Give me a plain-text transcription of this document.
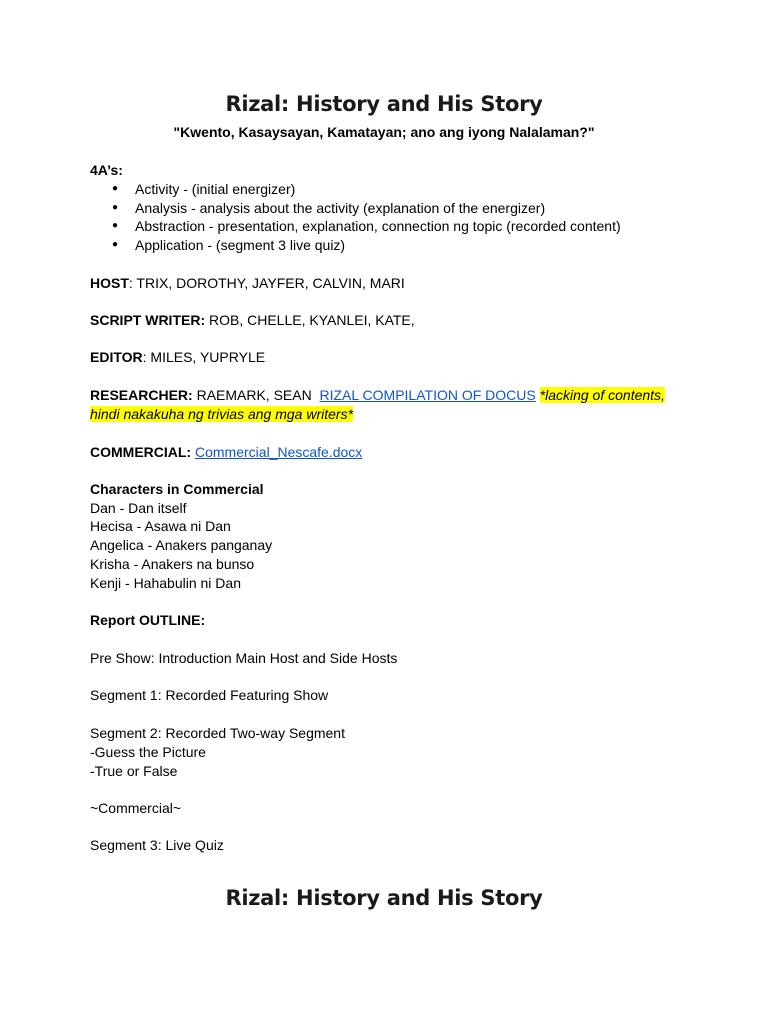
Rizal: History and His Story
"Kwento, Kasaysayan, Kamatayan; ano ang iyong Nalalaman?"
4A’s:
● Activity - (initial energizer)
● Analysis - analysis about the activity (explanation of the energizer)
● Abstraction - presentation, explanation, connection ng topic (recorded content)
● Application - (segment 3 live quiz)
HOST: TRIX, DOROTHY, JAYFER, CALVIN, MARI
SCRIPT WRITER: ROB, CHELLE, KYANLEI, KATE,
EDITOR: MILES, YUPRYLE
RESEARCHER: RAEMARK, SEAN  RIZAL COMPILATION OF DOCUS *lacking of contents,
hindi nakakuha ng trivias ang mga writers*
COMMERCIAL: Commercial_Nescafe.docx
Characters in Commercial
Dan - Dan itself
Hecisa - Asawa ni Dan
Angelica - Anakers panganay
Krisha - Anakers na bunso
Kenji - Hahabulin ni Dan
Report OUTLINE:
Pre Show: Introduction Main Host and Side Hosts
Segment 1: Recorded Featuring Show
Segment 2: Recorded Two-way Segment
-Guess the Picture
-True or False
~Commercial~
Segment 3: Live Quiz
Rizal: History and His Story
